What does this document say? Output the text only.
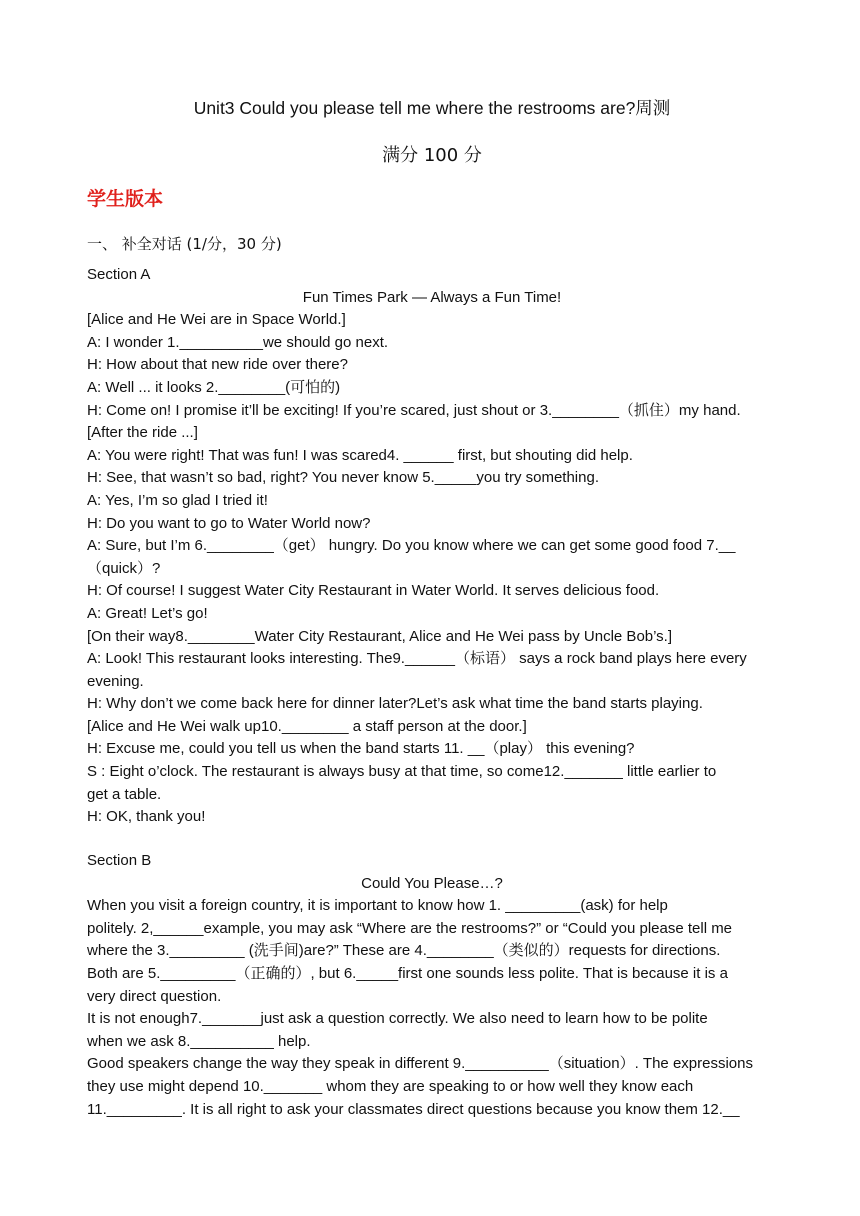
Unit3 Could you please tell me where the restrooms are?周测
满分 100 分
学生版本
一、 补全对话 (1/分，30 分)
Section A
Fun Times Park — Always a Fun Time!
[Alice and He Wei are in Space World.]
A: I wonder 1.__________we should go next.
H: How about that new ride over there?
A: Well ... it looks 2.________(可怕的)
H: Come on! I promise it’ll be exciting! If you’re scared, just shout or 3.________（抓住）my hand.
[After the ride ...]
A: You were right! That was fun! I was scared4. ______ first, but shouting did help.
H: See, that wasn’t so bad, right? You never know 5._____you try something.
A: Yes, I’m so glad I tried it!
H: Do you want to go to Water World now?
A: Sure, but I’m 6.________（get） hungry. Do you know where we can get some good food 7.__
（quick）?
H: Of course! I suggest Water City Restaurant in Water World. It serves delicious food.
A: Great! Let’s go!
[On their way8.________Water City Restaurant, Alice and He Wei pass by Uncle Bob’s.]
A: Look! This restaurant looks interesting. The9.______（标语） says a rock band plays here every
evening.
H: Why don’t we come back here for dinner later?Let’s ask what time the band starts playing.
[Alice and He Wei walk up10.________ a staff person at the door.]
H: Excuse me, could you tell us when the band starts 11. __（play） this evening?
S : Eight o’clock. The restaurant is always busy at that time, so come12._______ little earlier to
get a table.
H: OK, thank you!
Section B
Could You Please…?
When you visit a foreign country, it is important to know how 1. _________(ask) for help
politely. 2,______example, you may ask “Where are the restrooms?” or “Could you please tell me
where the 3._________ (洗手间)are?” These are 4.________（类似的）requests for directions.
Both are 5._________（正确的）, but 6._____first one sounds less polite. That is because it is a
very direct question.
It is not enough7._______just ask a question correctly. We also need to learn how to be polite
when we ask 8.__________ help.
Good speakers change the way they speak in different 9.__________（situation）. The expressions
they use might depend 10._______ whom they are speaking to or how well they know each
11._________. It is all right to ask your classmates direct questions because you know them 12.__
